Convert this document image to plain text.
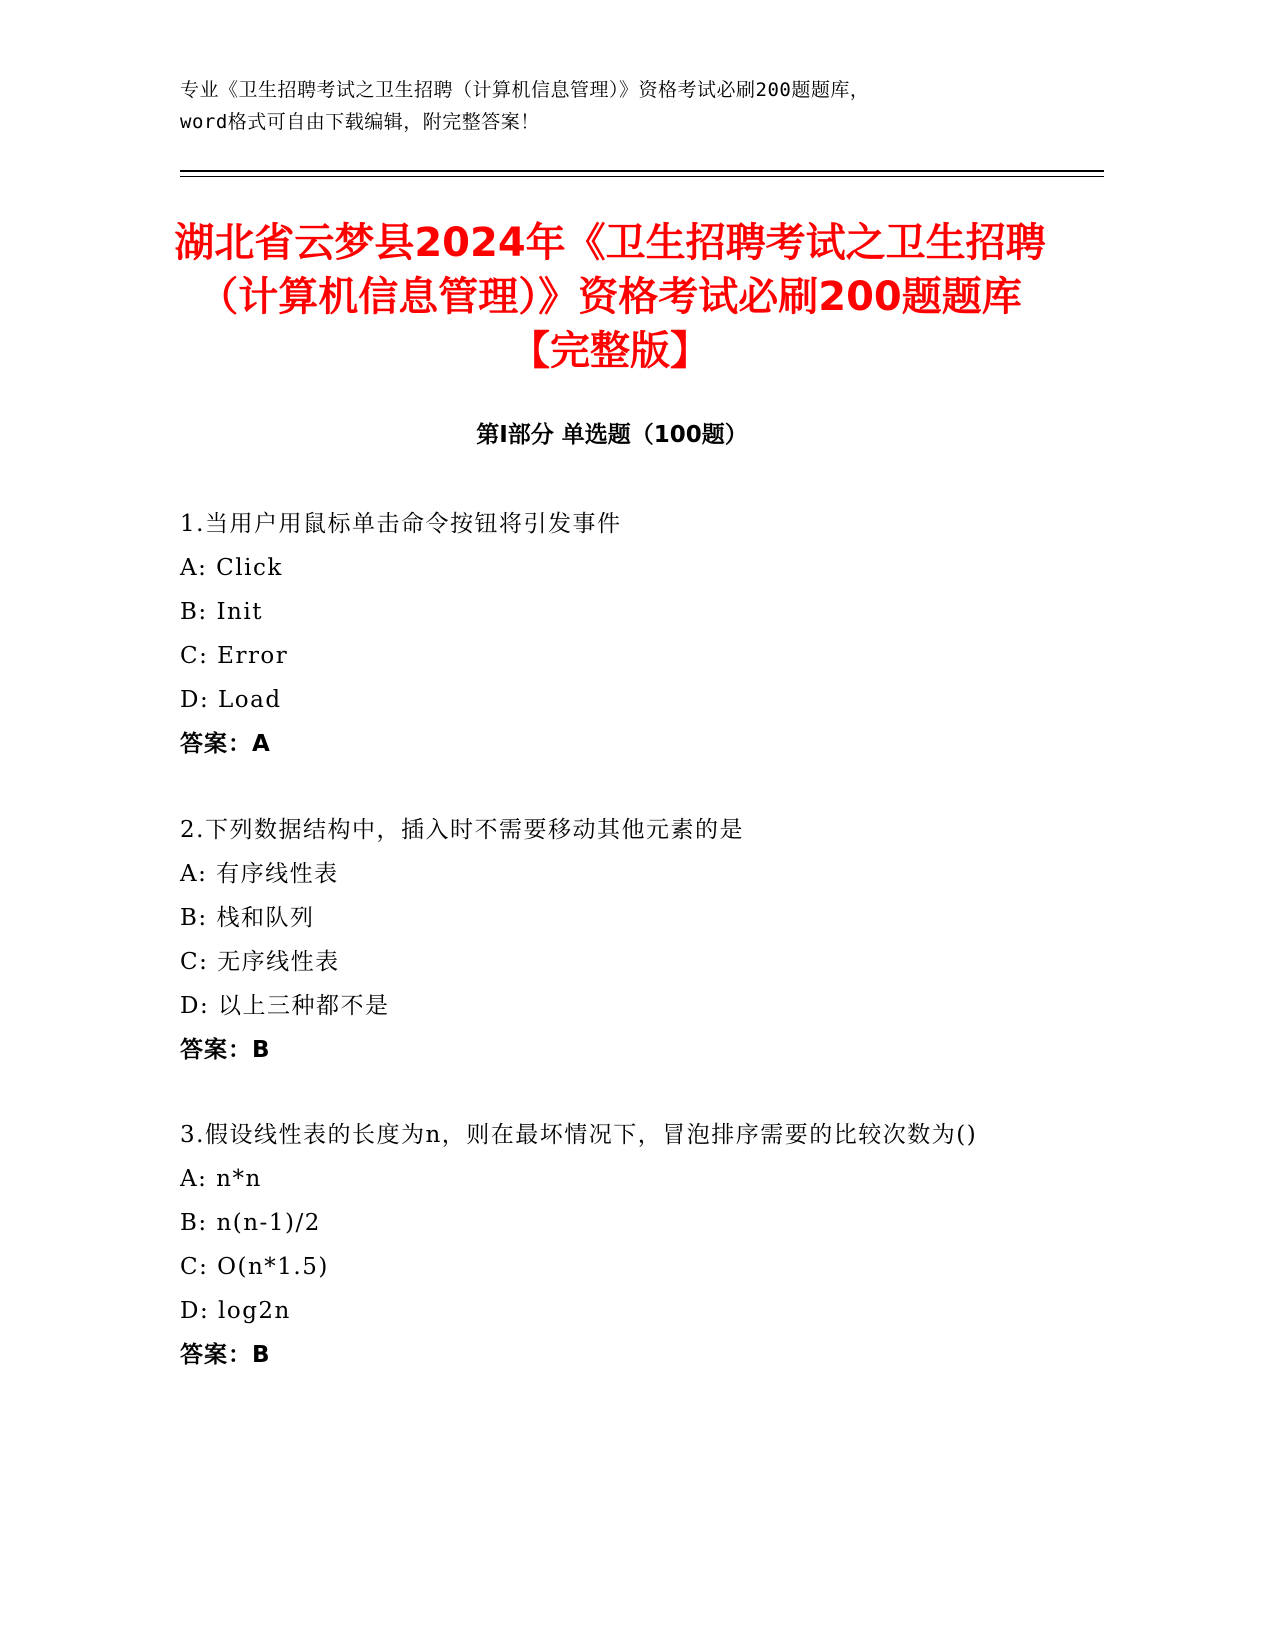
专业《卫生招聘考试之卫生招聘（计算机信息管理）》资格考试必刷200题题库，
word格式可自由下载编辑，附完整答案！
湖北省云梦县2024年《卫生招聘考试之卫生招聘（计算机信息管理）》资格考试必刷200题题库【完整版】
第Ⅰ部分 单选题（100题）
1.当用户用鼠标单击命令按钮将引发事件
A: Click
B: Init
C: Error
D: Load
答案：A
2.下列数据结构中，插入时不需要移动其他元素的是
A: 有序线性表
B: 栈和队列
C: 无序线性表
D: 以上三种都不是
答案：B
3.假设线性表的长度为n，则在最坏情况下，冒泡排序需要的比较次数为()
A: n*n
B: n(n-1)/2
C: O(n*1.5)
D: log2n
答案：B
